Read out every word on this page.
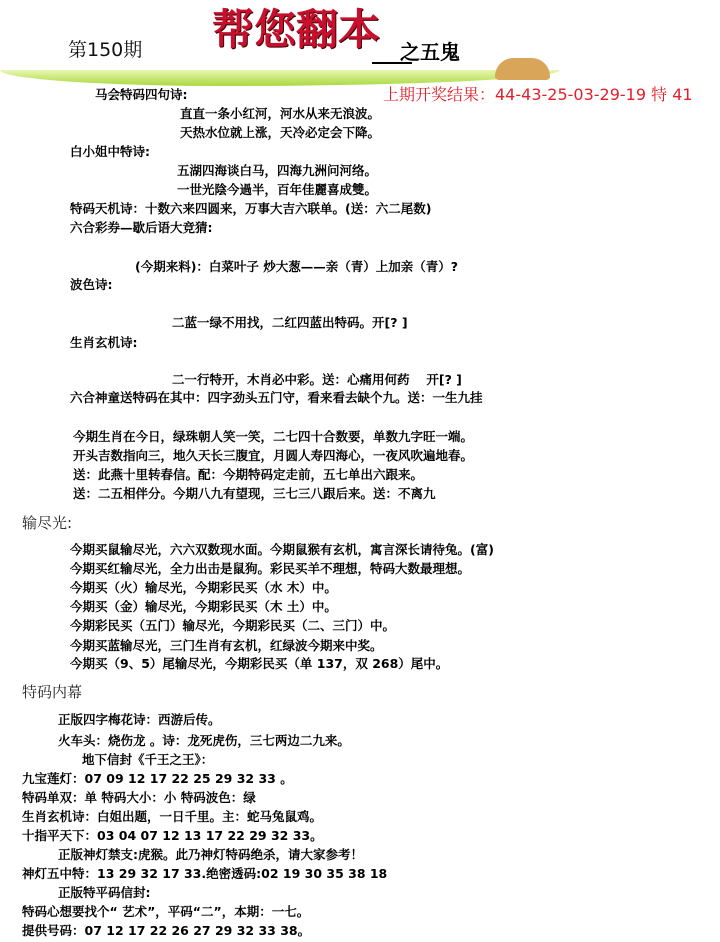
第150期 帮您翻本 之五鬼
上期开奖结果：44-43-25-03-29-19 特 41
马会特码四句诗:
直直一条小红河，河水从来无浪波。
天热水位就上涨，天冷必定会下降。
白小姐中特诗:
五湖四海谈白马，四海九洲问河络。
一世光陰今過半，百年佳麗喜成雙。
特码天机诗：十数六来四圆来，万事大吉六联单。(送：六二尾数)
六合彩券—歇后语大竞猜:
(今期来料)：白菜叶子 炒大葱——亲（青）上加亲（青）?
波色诗:
二蓝一绿不用找，二红四蓝出特码。开[? ]
生肖玄机诗:
二一行特开，木肖必中彩。送：心痛用何药　 开[? ]
六合神童送特码在其中：四字劲头五门守，看来看去缺个九。送：一生九挂
今期生肖在今日，绿珠朝人笑一笑，二七四十合数要，单数九字旺一端。
开头吉数指向三，地久天长三腹宜，月圆人寿四海心，一夜风吹遍地春。
送：此燕十里转春信。配：今期特码定走前，五七单出六跟来。
送：二五相伴分。今期八九有望现，三七三八跟后来。送：不离九
输尽光:
今期买鼠输尽光，六六双数现水面。今期鼠猴有玄机，寓言深长请待兔。(富)
今期买红输尽光，全力出击是鼠狗。彩民买羊不理想，特码大数最理想。
今期买（火）输尽光，今期彩民买（水 木）中。
今期买（金）输尽光，今期彩民买（木 土）中。
今期彩民买（五门）输尽光，今期彩民买（二、三门）中。
今期买蓝输尽光，三门生肖有玄机，红绿波今期来中奖。
今期买（9、5）尾输尽光，今期彩民买（单 137，双 268）尾中。
特码内幕
正版四字梅花诗：西游后传。
火车头：烧伤龙 。诗：龙死虎伤，三七两边二九来。
地下信封《千王之王》：
九宝莲灯：07 09 12 17 22 25 29 32 33 。
特码单双：单 特码大小：小 特码波色：绿
生肖玄机诗：白姐出题，一日千里。主：蛇马兔鼠鸡。
十指平天下：03 04 07 12 13 17 22 29 32 33。
正版神灯禁支:虎猴。此乃神灯特码绝杀，请大家参考！
神灯五中特：13 29 32 17 33.绝密透码:02 19 30 35 38 18
正版特平码信封:
特码心想要找个“ 艺术”，平码“二”，本期：一七。
提供号码：07 12 17 22 26 27 29 32 33 38。
